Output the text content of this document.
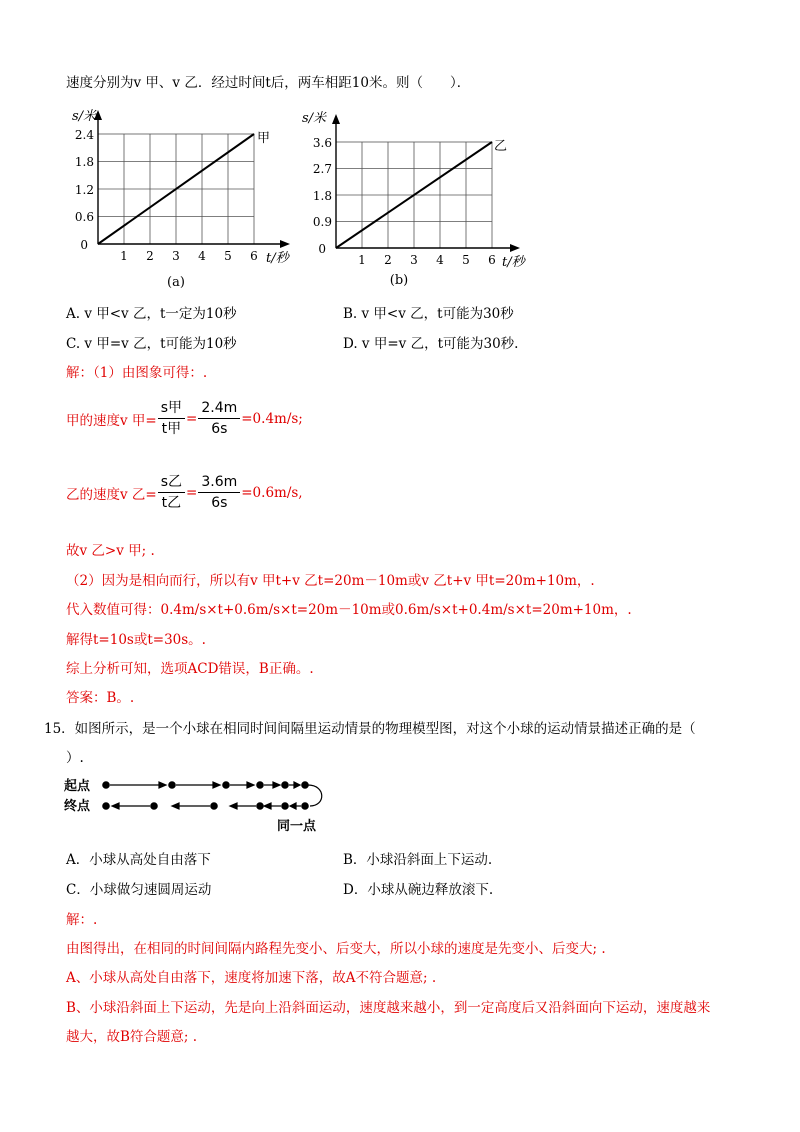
速度分别为v 甲、v 乙．经过时间t后，两车相距10米。则（　　）．
s/米
0
0.6
1.2
1.8
2.4
1 2 3 4 5 6 t/秒
甲
(a)
s/米
0
0.9
1.8
2.7
3.6
1 2 3 4 5 6 t/秒
乙
(b)
A. v 甲<v 乙，t一定为10秒	B. v 甲<v 乙，t可能为30秒
C. v 甲=v 乙，t可能为10秒	D. v 甲=v 乙，t可能为30秒.
解：（1）由图象可得：.
甲的速度v 甲= $\frac{\text{s甲}}{\text{t甲}} = \frac{2.4m}{6s} =0.4m/s$;
乙的速度v 乙= $\frac{\text{s乙}}{\text{t乙}} = \frac{3.6m}{6s} =0.6m/s$,
故v 乙>v 甲; .
（2）因为是相向而行，所以有v 甲t+v 乙t=20m－10m或v 乙t+v 甲t=20m+10m，.
代入数值可得：0.4m/s×t+0.6m/s×t=20m－10m或0.6m/s×t+0.4m/s×t=20m+10m，.
解得t=10s或t=30s。.
综上分析可知，选项ACD错误，B正确。.
答案：B。.
15．如图所示，是一个小球在相同时间间隔里运动情景的物理模型图，对这个小球的运动情景描述正确的是（
）.
起点
终点
同一点
A．小球从高处自由落下	B．小球沿斜面上下运动.
C．小球做匀速圆周运动	D．小球从碗边释放滚下.
解：.
由图得出，在相同的时间间隔内路程先变小、后变大，所以小球的速度是先变小、后变大; .
A、小球从高处自由落下，速度将加速下落，故A不符合题意; .
B、小球沿斜面上下运动，先是向上沿斜面运动，速度越来越小，到一定高度后又沿斜面向下运动，速度越来
越大，故B符合题意; .
